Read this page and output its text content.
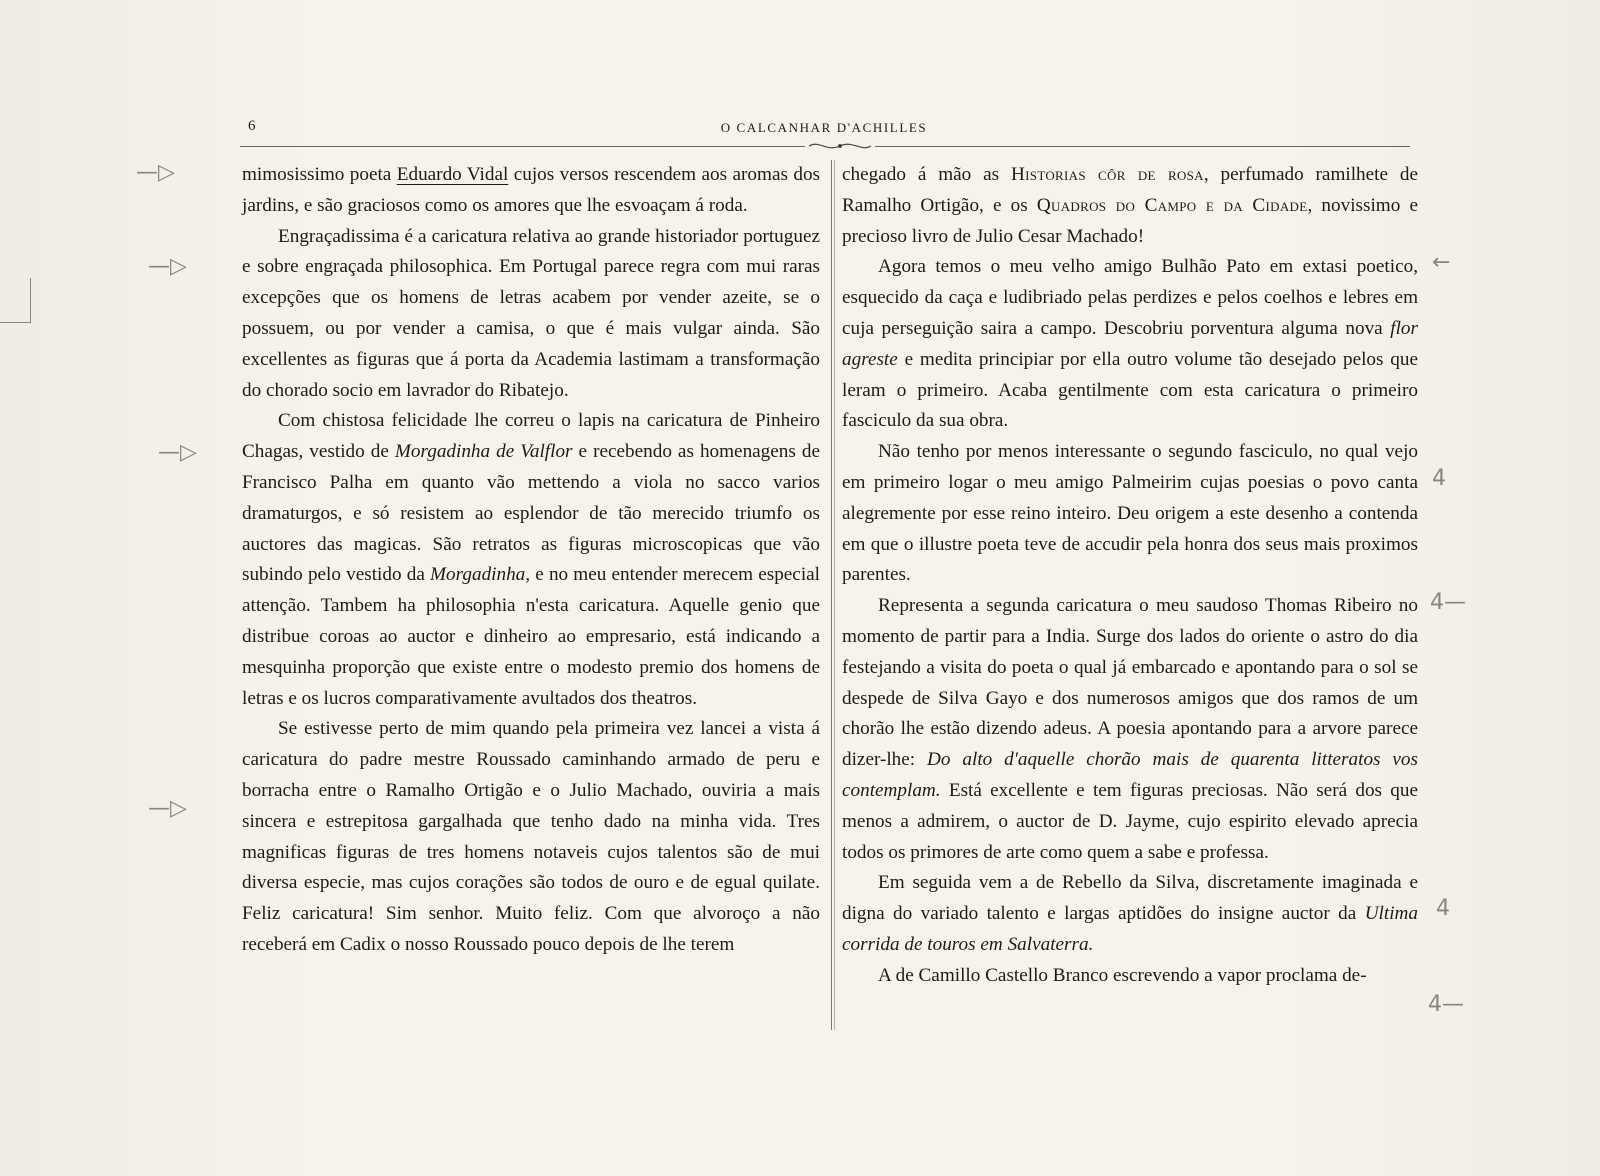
6	O CALCANHAR D'ACHILLES

mimosissimo poeta Eduardo Vidal cujos versos rescendem aos aromas dos jardins, e são graciosos como os amores que lhe esvoaçam á roda.

Engraçadissima é a caricatura relativa ao grande historiador portuguez e sobre engraçada philosophica. Em Portugal parece regra com mui raras excepções que os homens de letras acabem por vender azeite, se o possuem, ou por vender a camisa, o que é mais vulgar ainda. São excellentes as figuras que á porta da Academia lastimam a transformação do chorado socio em lavrador do Ribatejo.

Com chistosa felicidade lhe correu o lapis na caricatura de Pinheiro Chagas, vestido de Morgadinha de Valflor e recebendo as homenagens de Francisco Palha em quanto vão mettendo a viola no sacco varios dramaturgos, e só resistem ao esplendor de tão merecido triumfo os auctores das magicas. São retratos as figuras microscopicas que vão subindo pelo vestido da Morgadinha, e no meu entender merecem especial attenção. Tambem ha philosophia n'esta caricatura. Aquelle genio que distribue coroas ao auctor e dinheiro ao empresario, está indicando a mesquinha proporção que existe entre o modesto premio dos homens de letras e os lucros comparativamente avultados dos theatros.

Se estivesse perto de mim quando pela primeira vez lancei a vista á caricatura do padre mestre Roussado caminhando armado de peru e borracha entre o Ramalho Ortigão e o Julio Machado, ouviria a mais sincera e estrepitosa gargalhada que tenho dado na minha vida. Tres magnificas figuras de tres homens notaveis cujos talentos são de mui diversa especie, mas cujos corações são todos de ouro e de egual quilate. Feliz caricatura! Sim senhor. Muito feliz. Com que alvoroço a não receberá em Cadix o nosso Roussado pouco depois de lhe terem

chegado á mão as Historias côr de rosa, perfumado ramilhete de Ramalho Ortigão, e os Quadros do Campo e da Cidade, novissimo e precioso livro de Julio Cesar Machado!

Agora temos o meu velho amigo Bulhão Pato em extasi poetico, esquecido da caça e ludibriado pelas perdizes e pelos coelhos e lebres em cuja perseguição saira a campo. Descobriu porventura alguma nova flor agreste e medita principiar por ella outro volume tão desejado pelos que leram o primeiro. Acaba gentilmente com esta caricatura o primeiro fasciculo da sua obra.

Não tenho por menos interessante o segundo fasciculo, no qual vejo em primeiro logar o meu amigo Palmeirim cujas poesias o povo canta alegremente por esse reino inteiro. Deu origem a este desenho a contenda em que o illustre poeta teve de accudir pela honra dos seus mais proximos parentes.

Representa a segunda caricatura o meu saudoso Thomas Ribeiro no momento de partir para a India. Surge dos lados do oriente o astro do dia festejando a visita do poeta o qual já embarcado e apontando para o sol se despede de Silva Gayo e dos numerosos amigos que dos ramos de um chorão lhe estão dizendo adeus. A poesia apontando para a arvore parece dizer-lhe: Do alto d'aquelle chorão mais de quarenta litteratos vos contemplam. Está excellente e tem figuras preciosas. Não será dos que menos a admirem, o auctor de D. Jayme, cujo espirito elevado aprecia todos os primores de arte como quem a sabe e professa.

Em seguida vem a de Rebello da Silva, discretamente imaginada e digna do variado talento e largas aptidões do insigne auctor da Ultima corrida de touros em Salvaterra.

A de Camillo Castello Branco escrevendo a vapor proclama de-

—▷
—▷
—▷
—▷
←
4
4—
4
4—
